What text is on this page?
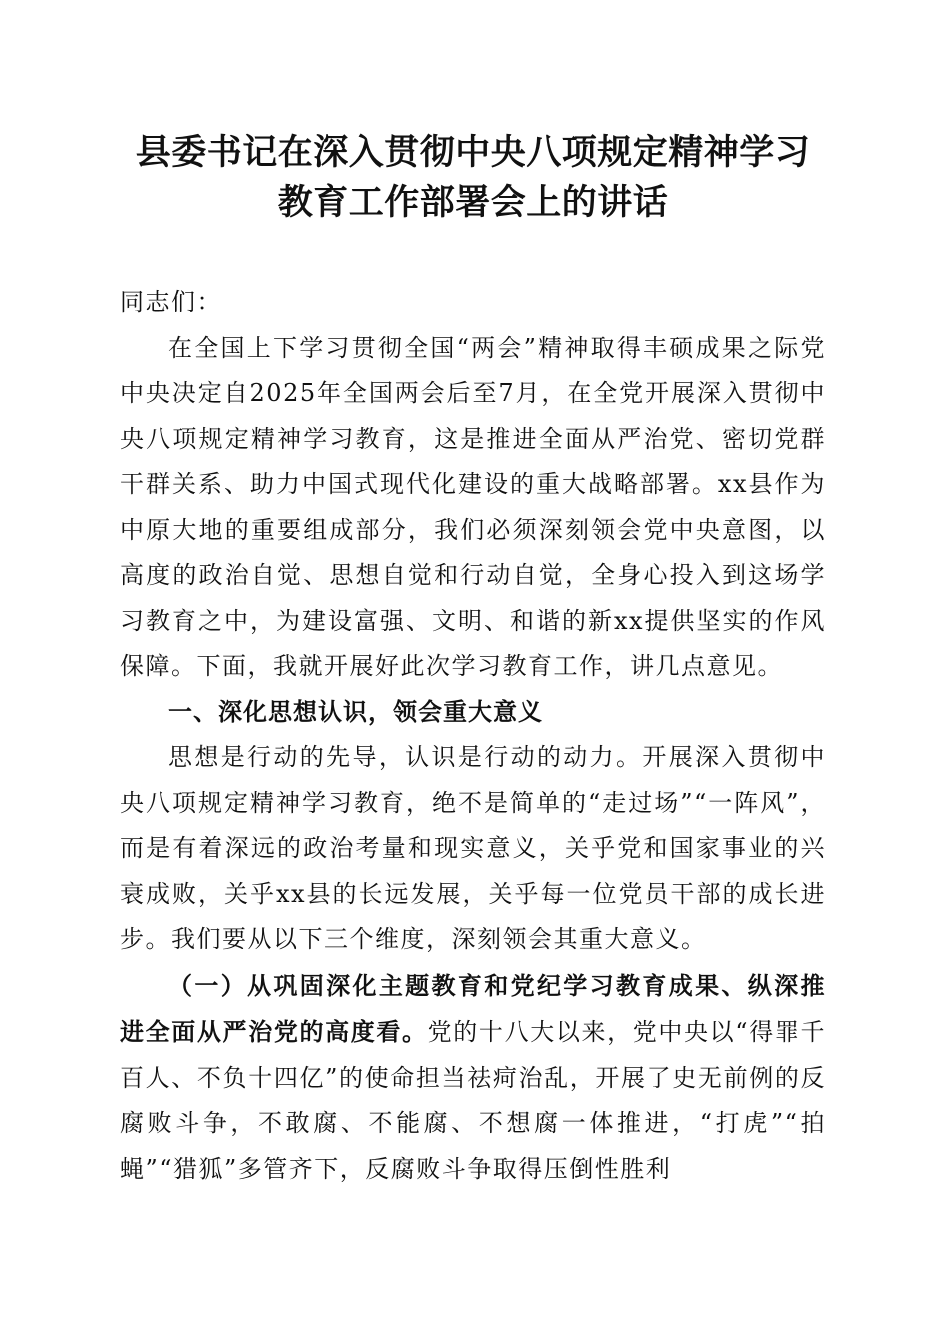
县委书记在深入贯彻中央八项规定精神学习教育工作部署会上的讲话

同志们：

在全国上下学习贯彻全国“两会”精神取得丰硕成果之际党中央决定自2025年全国两会后至7月，在全党开展深入贯彻中央八项规定精神学习教育，这是推进全面从严治党、密切党群干群关系、助力中国式现代化建设的重大战略部署。xx县作为中原大地的重要组成部分，我们必须深刻领会党中央意图，以高度的政治自觉、思想自觉和行动自觉，全身心投入到这场学习教育之中，为建设富强、文明、和谐的新xx提供坚实的作风保障。下面，我就开展好此次学习教育工作，讲几点意见。

一、深化思想认识，领会重大意义

思想是行动的先导，认识是行动的动力。开展深入贯彻中央八项规定精神学习教育，绝不是简单的“走过场”“一阵风”，而是有着深远的政治考量和现实意义，关乎党和国家事业的兴衰成败，关乎xx县的长远发展，关乎每一位党员干部的成长进步。我们要从以下三个维度，深刻领会其重大意义。

（一）从巩固深化主题教育和党纪学习教育成果、纵深推进全面从严治党的高度看。党的十八大以来，党中央以“得罪千百人、不负十四亿”的使命担当祛疴治乱，开展了史无前例的反腐败斗争，不敢腐、不能腐、不想腐一体推进，“打虎”“拍蝇”“猎狐”多管齐下，反腐败斗争取得压倒性胜利
